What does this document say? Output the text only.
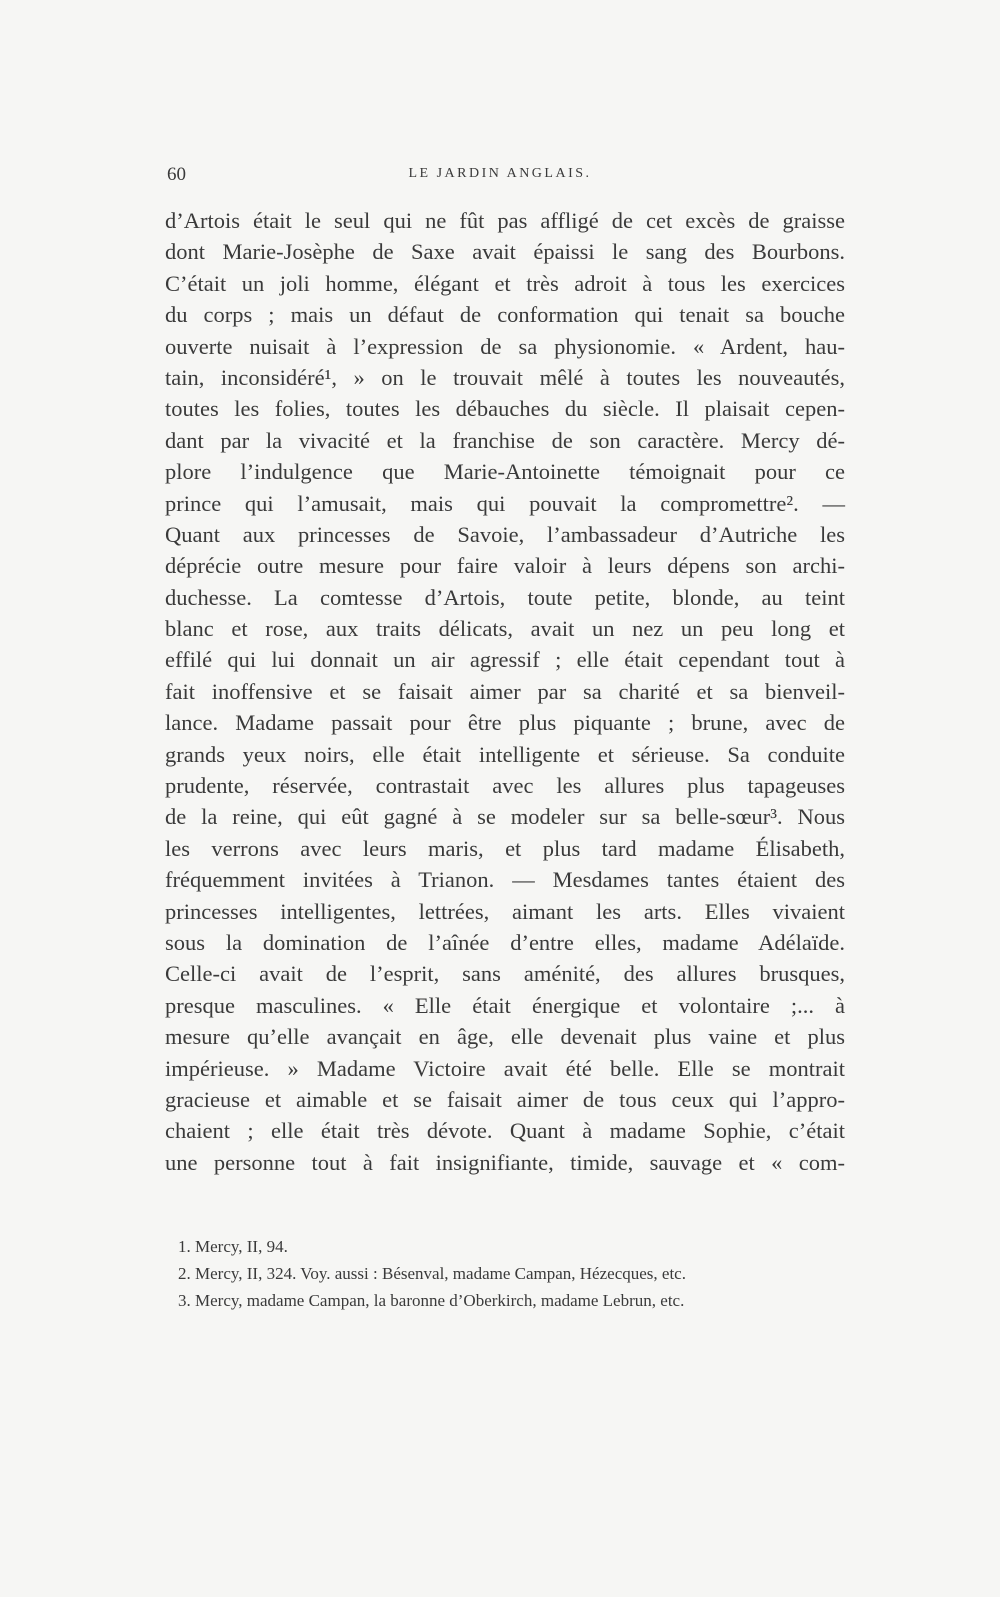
60	LE JARDIN ANGLAIS.
d’Artois était le seul qui ne fût pas affligé de cet excès de graisse
dont Marie-Josèphe de Saxe avait épaissi le sang des Bourbons.
C’était un joli homme, élégant et très adroit à tous les exercices
du corps ; mais un défaut de conformation qui tenait sa bouche
ouverte nuisait à l’expression de sa physionomie. « Ardent, hau-
tain, inconsidéré¹, » on le trouvait mêlé à toutes les nouveautés,
toutes les folies, toutes les débauches du siècle. Il plaisait cepen-
dant par la vivacité et la franchise de son caractère. Mercy dé-
plore l’indulgence que Marie-Antoinette témoignait pour ce
prince qui l’amusait, mais qui pouvait la compromettre². —
Quant aux princesses de Savoie, l’ambassadeur d’Autriche les
déprécie outre mesure pour faire valoir à leurs dépens son archi-
duchesse. La comtesse d’Artois, toute petite, blonde, au teint
blanc et rose, aux traits délicats, avait un nez un peu long et
effilé qui lui donnait un air agressif ; elle était cependant tout à
fait inoffensive et se faisait aimer par sa charité et sa bienveil-
lance. Madame passait pour être plus piquante ; brune, avec de
grands yeux noirs, elle était intelligente et sérieuse. Sa conduite
prudente, réservée, contrastait avec les allures plus tapageuses
de la reine, qui eût gagné à se modeler sur sa belle-sœur³. Nous
les verrons avec leurs maris, et plus tard madame Élisabeth,
fréquemment invitées à Trianon. — Mesdames tantes étaient des
princesses intelligentes, lettrées, aimant les arts. Elles vivaient
sous la domination de l’aînée d’entre elles, madame Adélaïde.
Celle-ci avait de l’esprit, sans aménité, des allures brusques,
presque masculines. « Elle était énergique et volontaire ;... à
mesure qu’elle avançait en âge, elle devenait plus vaine et plus
impérieuse. » Madame Victoire avait été belle. Elle se montrait
gracieuse et aimable et se faisait aimer de tous ceux qui l’appro-
chaient ; elle était très dévote. Quant à madame Sophie, c’était
une personne tout à fait insignifiante, timide, sauvage et « com-
1. Mercy, II, 94.
2. Mercy, II, 324. Voy. aussi : Bésenval, madame Campan, Hézecques, etc.
3. Mercy, madame Campan, la baronne d’Oberkirch, madame Lebrun, etc.
